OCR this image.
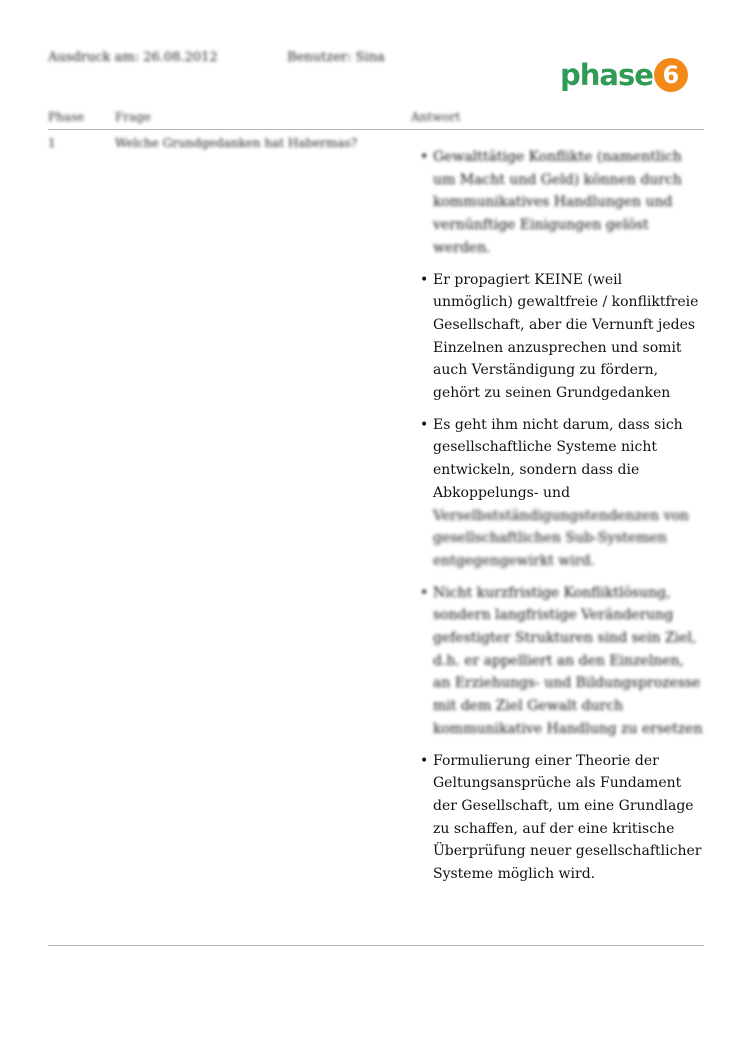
Ausdruck am: 26.08.2012	Benutzer: Sina	phase 6
Phase	Frage	Antwort
1	Welche Grundgedanken hat Habermas?
• Gewalttätige Konflikte (namentlich um Macht und Geld) können durch kommunikatives Handlungen und vernünftige Einigungen gelöst werden.
• Er propagiert KEINE (weil unmöglich) gewaltfreie / konfliktfreie Gesellschaft, aber die Vernunft jedes Einzelnen anzusprechen und somit auch Verständigung zu fördern, gehört zu seinen Grundgedanken
• Es geht ihm nicht darum, dass sich gesellschaftliche Systeme nicht entwickeln, sondern dass die Abkoppelungs- und Verselbstständigungstendenzen von gesellschaftlichen Sub-Systemen entgegengewirkt wird.
• Nicht kurzfristige Konfliktlösung, sondern langfristige Veränderung gefestigter Strukturen sind sein Ziel, d.h. er appelliert an den Einzelnen, an Erziehungs- und Bildungsprozesse mit dem Ziel Gewalt durch kommunikative Handlung zu ersetzen
• Formulierung einer Theorie der Geltungsansprüche als Fundament der Gesellschaft, um eine Grundlage zu schaffen, auf der eine kritische Überprüfung neuer gesellschaftlicher Systeme möglich wird.
